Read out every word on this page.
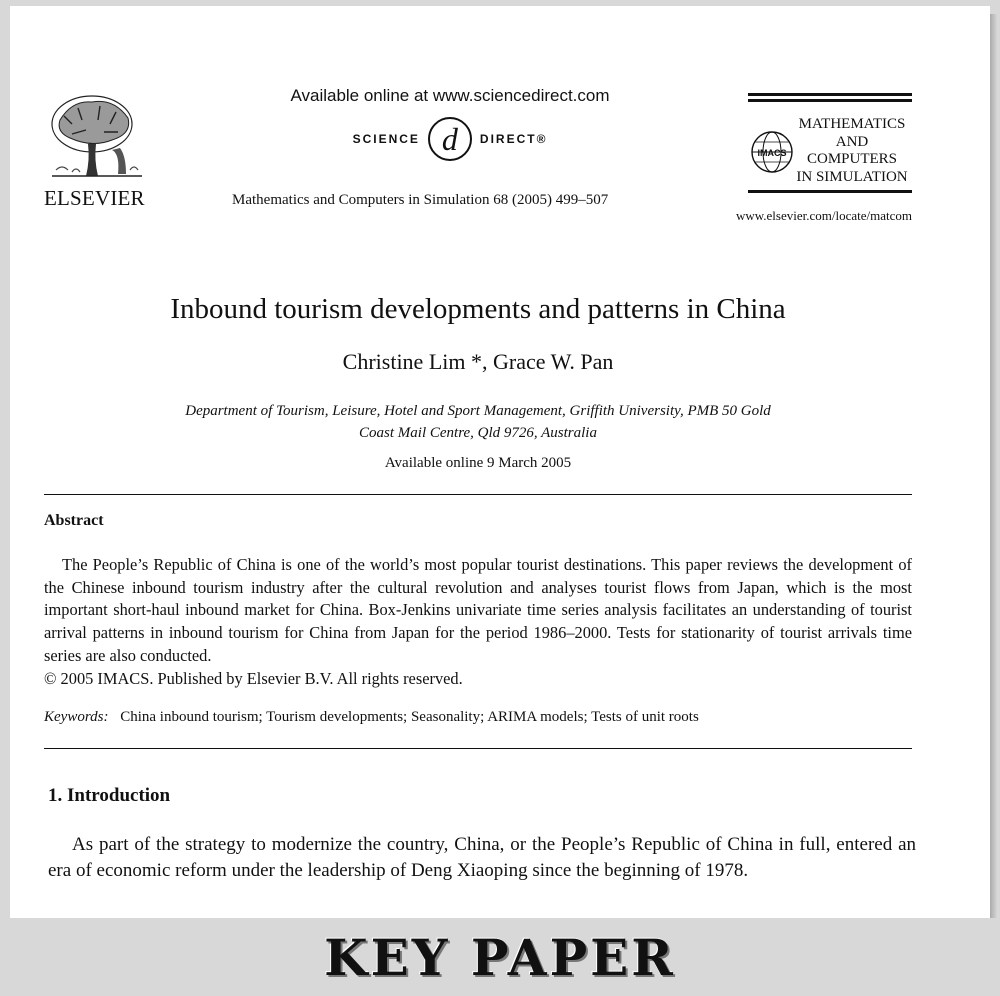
ELSEVIER
Available online at www.sciencedirect.com
SCIENCE d	DIRECT®
Mathematics and Computers in Simulation 68 (2005) 499–507
IMACS
MATHEMATICS
AND
COMPUTERS
IN SIMULATION
www.elsevier.com/locate/matcom
Inbound tourism developments and patterns in China
Christine Lim *, Grace W. Pan
Department of Tourism, Leisure, Hotel and Sport Management, Griffith University, PMB 50 Gold
Coast Mail Centre, Qld 9726, Australia
Available online 9 March 2005
Abstract
The People’s Republic of China is one of the world’s most popular tourist destinations. This paper reviews the development of the Chinese inbound tourism industry after the cultural revolution and analyses tourist flows from Japan, which is the most important short-haul inbound market for China. Box-Jenkins univariate time series analysis facilitates an understanding of tourist arrival patterns in inbound tourism for China from Japan for the period 1986–2000. Tests for stationarity of tourist arrivals time series are also conducted.
© 2005 IMACS. Published by Elsevier B.V. All rights reserved.
Keywords: China inbound tourism; Tourism developments; Seasonality; ARIMA models; Tests of unit roots
1. Introduction
As part of the strategy to modernize the country, China, or the People’s Republic of China in full, entered an era of economic reform under the leadership of Deng Xiaoping since the beginning of 1978.
KEY PAPER
